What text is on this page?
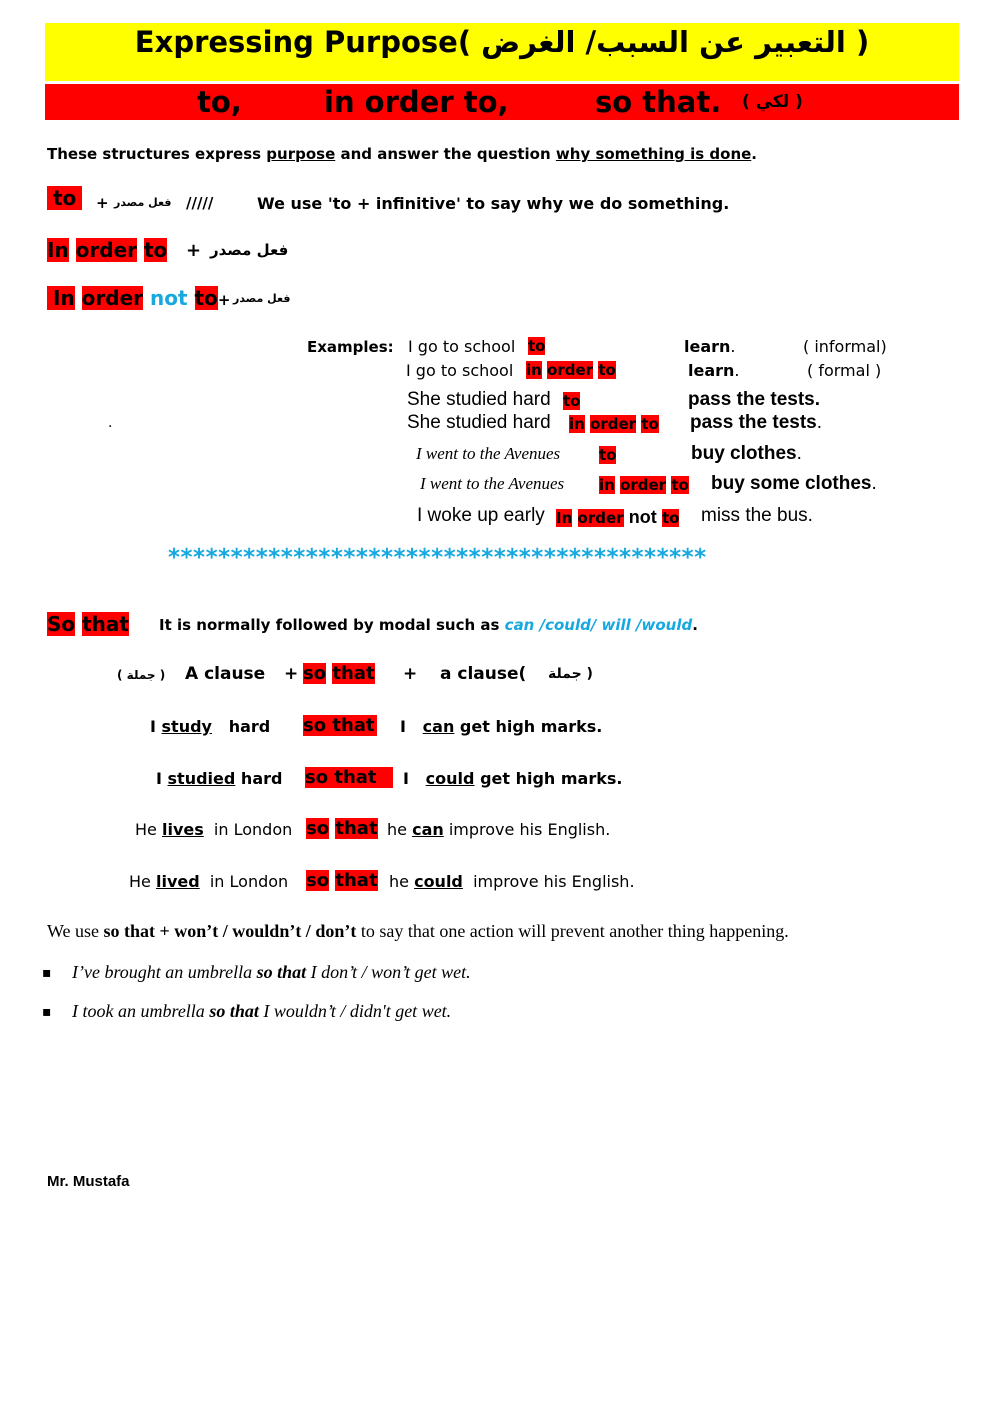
Expressing Purpose( التعبير عن السبب/ الغرض )
to,	in order to,	so that. ( لكي )
These structures express purpose and answer the question why something is done.
to	+ فعل مصدر /////	We use 'to + infinitive' to say why we do something.
In order to + فعل مصدر
In order not to+ فعل مصدر
Examples: I go to school to	learn.	( informal)
I go to school in order to	learn.	( formal )
She studied hard to	pass the tests.
.	She studied hard in order to pass the tests.
I went to the Avenues	to	buy clothes.
I went to the Avenues in order to buy some clothes.
I woke up early In order not to miss the bus.
*******************************************
So that It is normally followed by modal such as can /could/ will /would.
( جملة ) A clause + so that + a clause( جملة )
I study hard so that I can get high marks.
I studied hard so that	I could get high marks.
He lives in London so that he can improve his English.
He lived in London so that he could improve his English.
We use so that + won’t / wouldn’t / don’t to say that one action will prevent another thing happening.
▪ I’ve brought an umbrella so that I don’t / won’t get wet.
▪ I took an umbrella so that I wouldn’t / didn't get wet.
Mr. Mustafa
